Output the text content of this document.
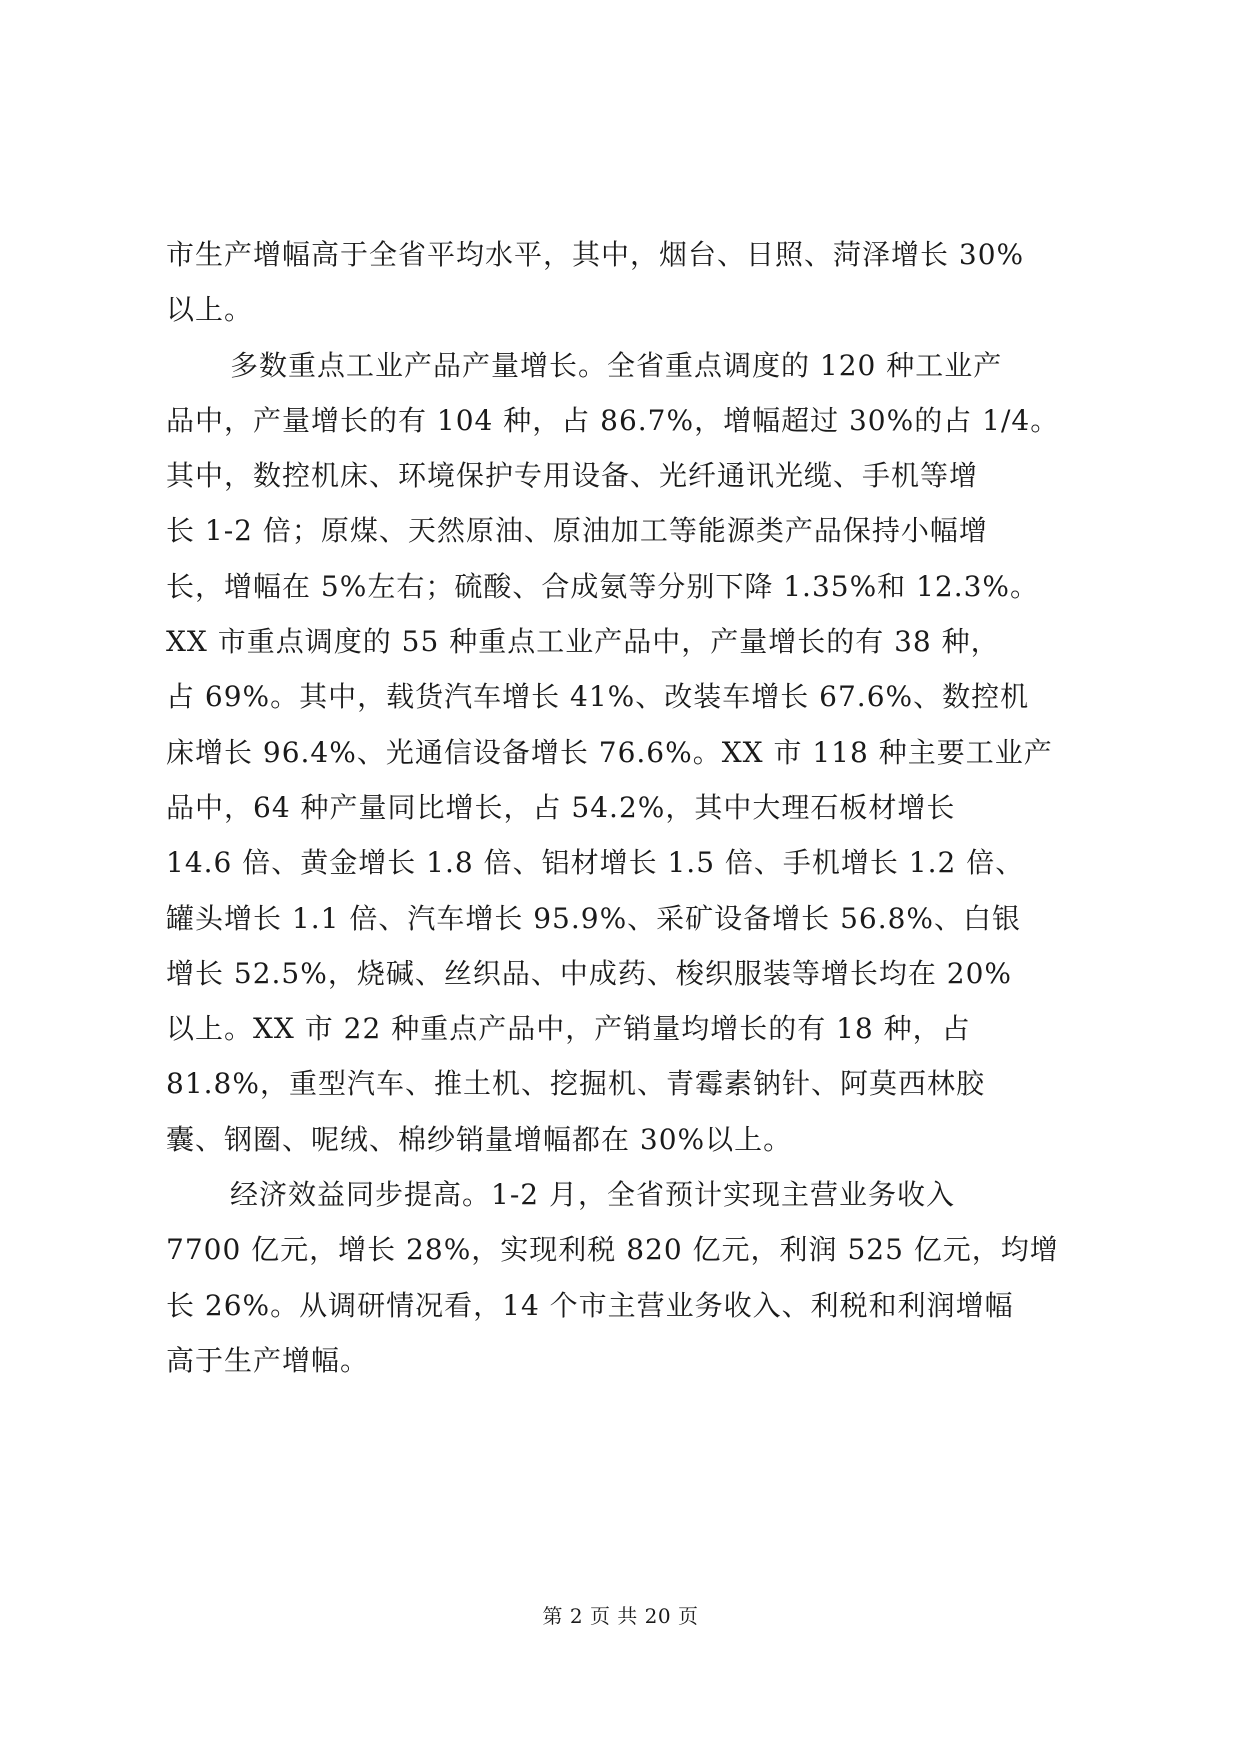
市生产增幅高于全省平均水平，其中，烟台、日照、菏泽增长 30%
以上。
多数重点工业产品产量增长。全省重点调度的 120 种工业产
品中，产量增长的有 104 种，占 86.7%，增幅超过 30%的占 1/4。
其中，数控机床、环境保护专用设备、光纤通讯光缆、手机等增
长 1-2 倍；原煤、天然原油、原油加工等能源类产品保持小幅增
长，增幅在 5%左右；硫酸、合成氨等分别下降 1.35%和 12.3%。
XX 市重点调度的 55 种重点工业产品中，产量增长的有 38 种，
占 69%。其中，载货汽车增长 41%、改装车增长 67.6%、数控机
床增长 96.4%、光通信设备增长 76.6%。XX 市 118 种主要工业产
品中，64 种产量同比增长，占 54.2%，其中大理石板材增长
14.6 倍、黄金增长 1.8 倍、铝材增长 1.5 倍、手机增长 1.2 倍、
罐头增长 1.1 倍、汽车增长 95.9%、采矿设备增长 56.8%、白银
增长 52.5%，烧碱、丝织品、中成药、梭织服装等增长均在 20%
以上。XX 市 22 种重点产品中，产销量均增长的有 18 种，占
81.8%，重型汽车、推土机、挖掘机、青霉素钠针、阿莫西林胶
囊、钢圈、呢绒、棉纱销量增幅都在 30%以上。
经济效益同步提高。1-2 月，全省预计实现主营业务收入
7700 亿元，增长 28%，实现利税 820 亿元，利润 525 亿元，均增
长 26%。从调研情况看，14 个市主营业务收入、利税和利润增幅
高于生产增幅。
第 2 页 共 20 页
